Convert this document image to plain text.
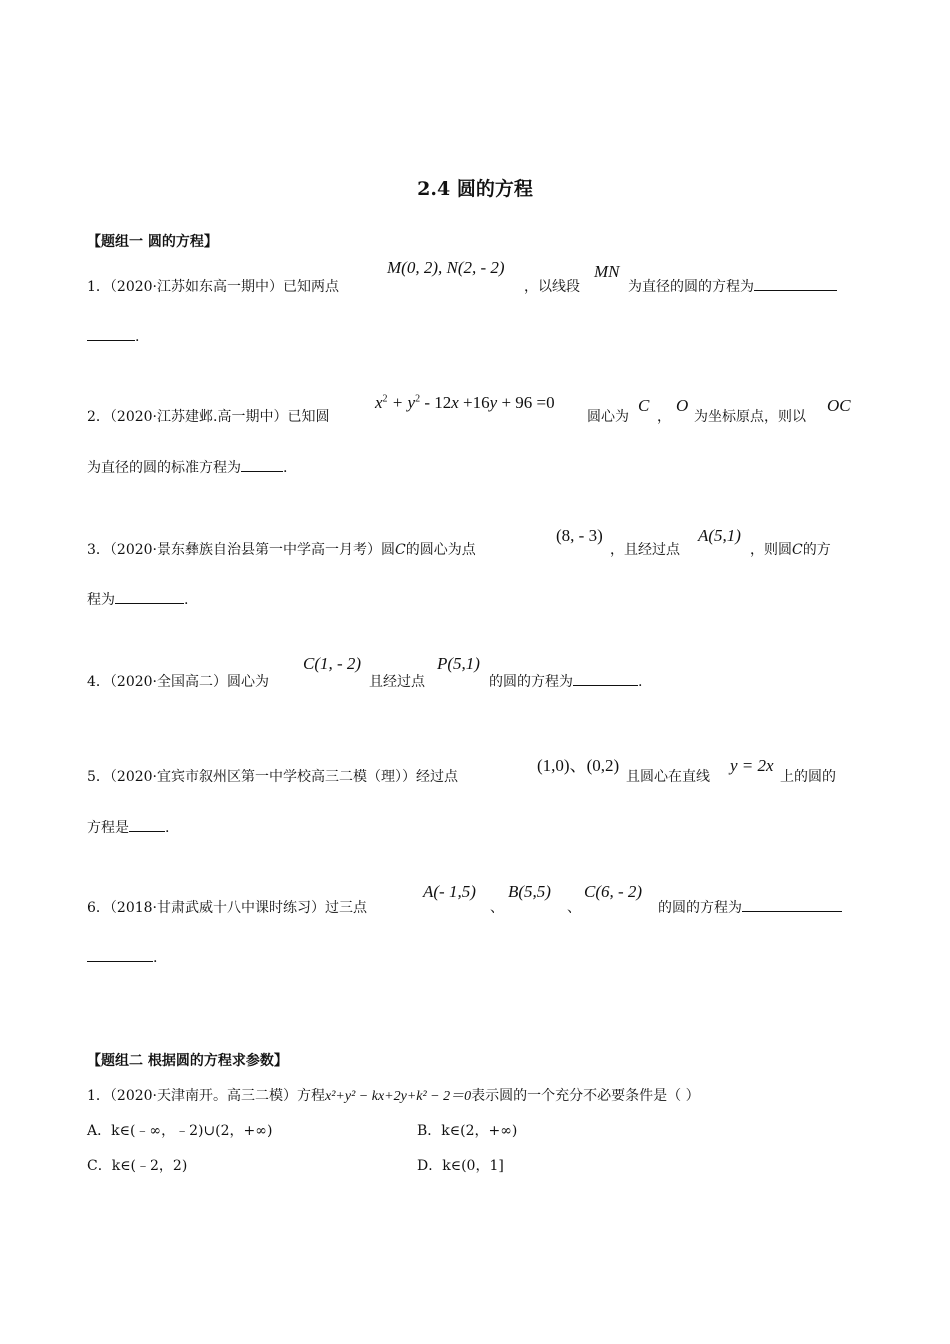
2.4 圆的方程
【题组一 圆的方程】
1．（2020·江苏如东高一期中）已知两点
M(0, 2), N(2, - 2)
，以线段
MN
为直径的圆的方程为
.
2．（2020·江苏建邺.高一期中）已知圆
$x^2 + y^2 - 12x +16y + 96 =0$
圆心为
C
，
O
为坐标原点，则以
OC
为直径的圆的标准方程为	.
3．（2020·景东彝族自治县第一中学高一月考）圆C的圆心为点
(8, - 3)
，且经过点
A(5,1)
，则圆C的方
程为	.
4．（2020·全国高二）圆心为
C(1, - 2)
且经过点
P(5,1)
的圆的方程为	.
5．（2020·宜宾市叙州区第一中学校高三二模（理））经过点
(1,0)、(0,2)
且圆心在直线
y = 2x
上的圆的
方程是	.
6．（2018·甘肃武威十八中课时练习）过三点
A(- 1,5)
、
B(5,5)
、
C(6, - 2)
的圆的方程为
.
【题组二 根据圆的方程求参数】
1．（2020·天津南开。高三二模）方程x²+y² − kx+2y+k² − 2＝0表示圆的一个充分不必要条件是（ ）
A．k∈(﹣∞，﹣2)∪(2，+∞)	B．k∈(2，+∞)
C．k∈(﹣2，2)	D．k∈(0，1]
